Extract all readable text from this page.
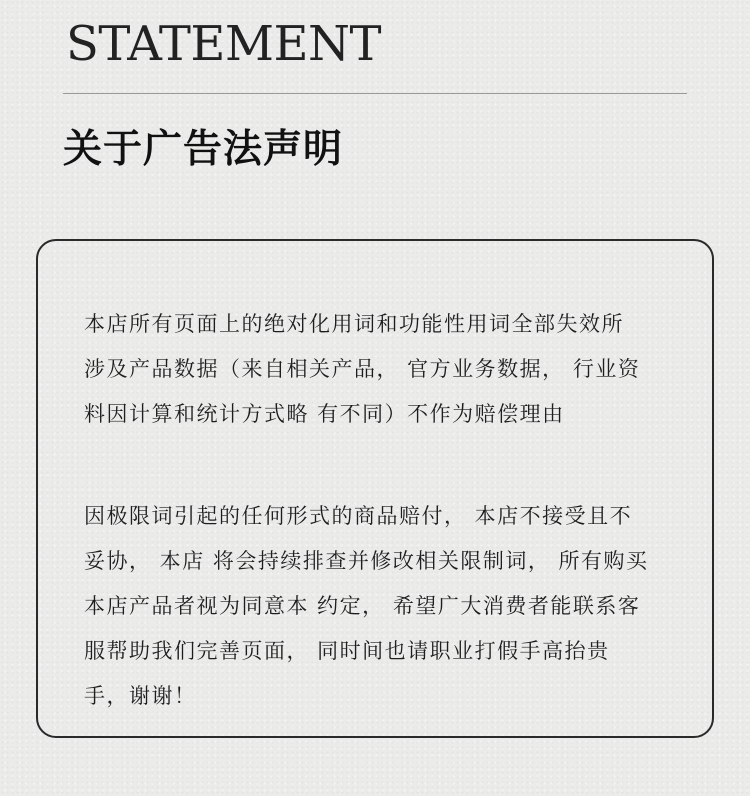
STATEMENT
关于广告法声明

本店所有页面上的绝对化用词和功能性用词全部失效所
涉及产品数据（来自相关产品， 官方业务数据， 行业资
料因计算和统计方式略 有不同）不作为赔偿理由

因极限词引起的任何形式的商品赔付， 本店不接受且不
妥协， 本店 将会持续排查并修改相关限制词， 所有购买
本店产品者视为同意本 约定， 希望广大消费者能联系客
服帮助我们完善页面， 同时间也请职业打假手高抬贵
手，谢谢！
